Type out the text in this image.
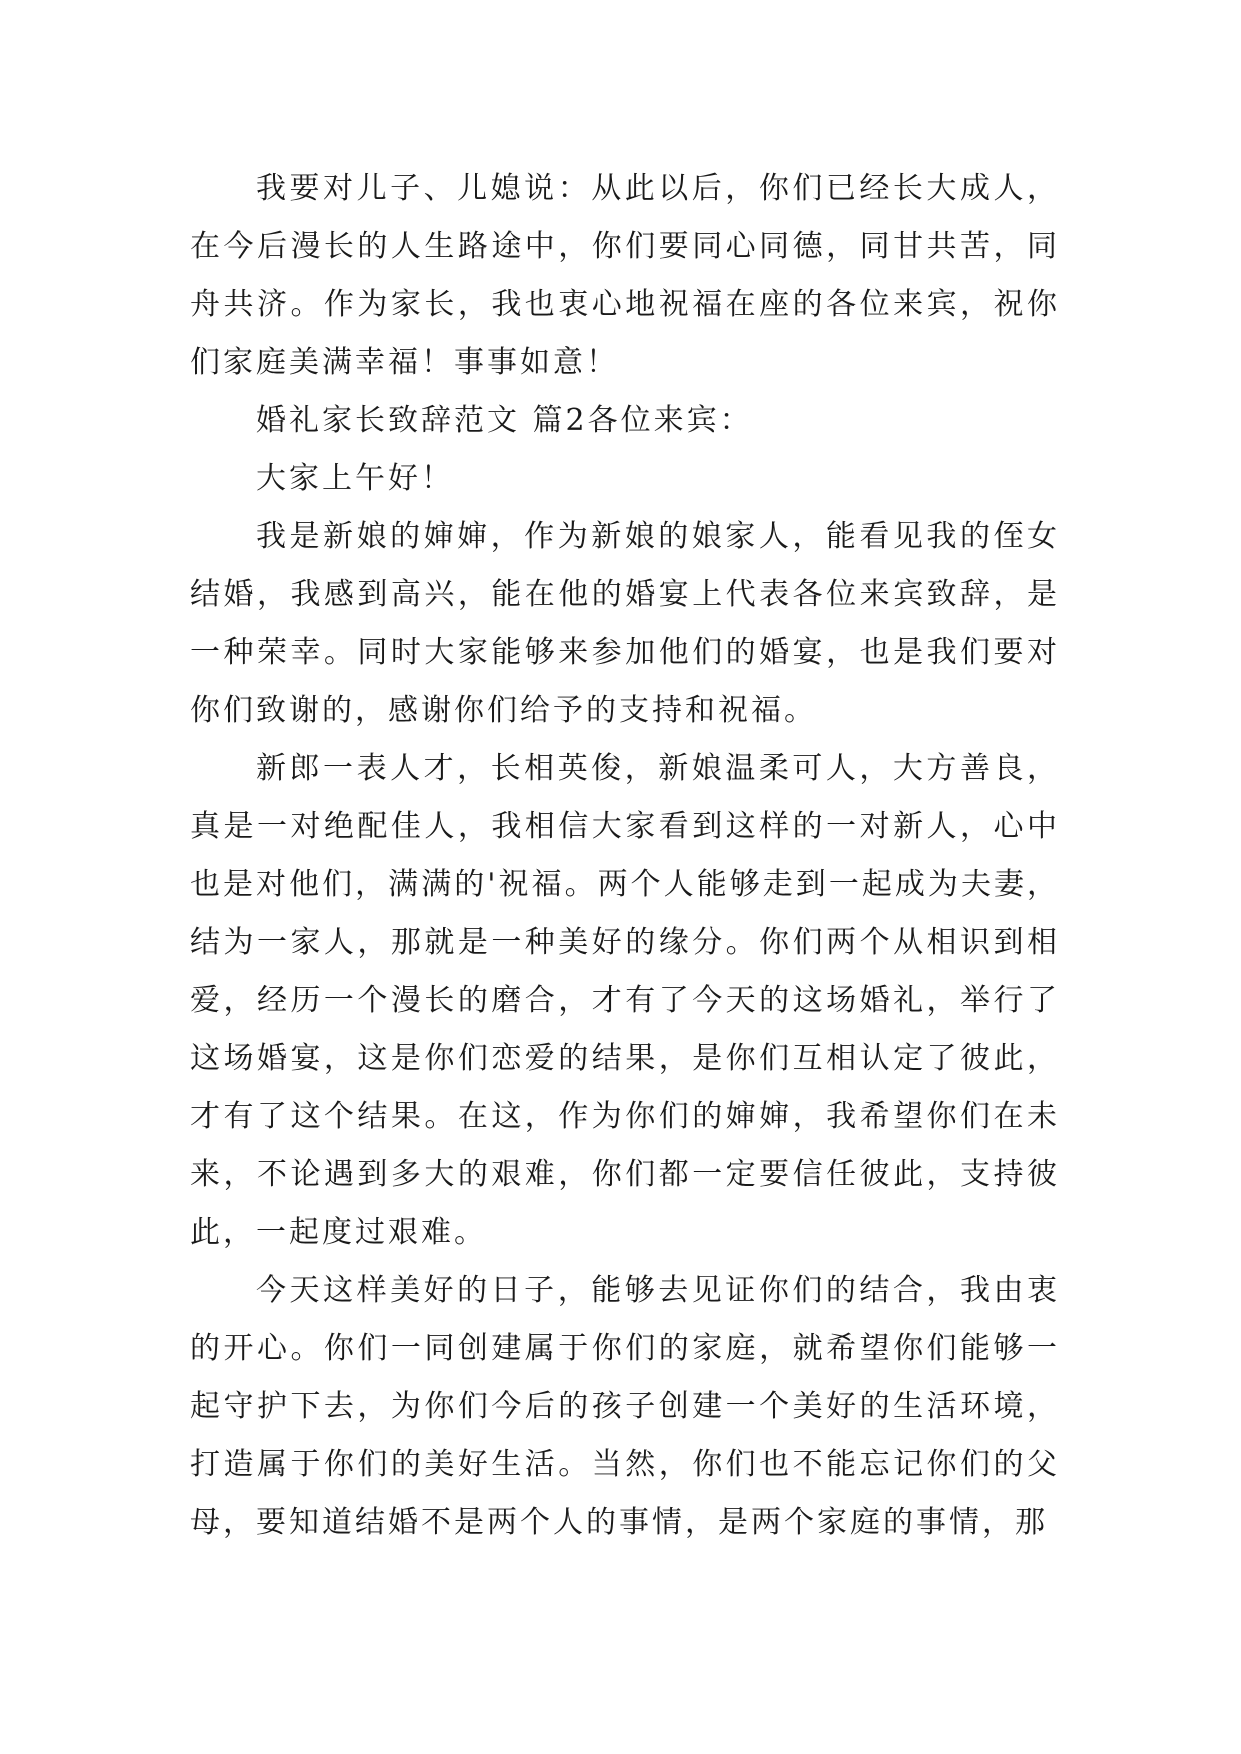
我要对儿子、儿媳说：从此以后，你们已经长大成人，在今后漫长的人生路途中，你们要同心同德，同甘共苦，同舟共济。作为家长，我也衷心地祝福在座的各位来宾，祝你们家庭美满幸福！事事如意！

婚礼家长致辞范文 篇2各位来宾：

大家上午好！

我是新娘的婶婶，作为新娘的娘家人，能看见我的侄女结婚，我感到高兴，能在他的婚宴上代表各位来宾致辞，是一种荣幸。同时大家能够来参加他们的婚宴，也是我们要对你们致谢的，感谢你们给予的支持和祝福。

新郎一表人才，长相英俊，新娘温柔可人，大方善良，真是一对绝配佳人，我相信大家看到这样的一对新人，心中也是对他们，满满的'祝福。两个人能够走到一起成为夫妻，结为一家人，那就是一种美好的缘分。你们两个从相识到相爱，经历一个漫长的磨合，才有了今天的这场婚礼，举行了这场婚宴，这是你们恋爱的结果，是你们互相认定了彼此，才有了这个结果。在这，作为你们的婶婶，我希望你们在未来，不论遇到多大的艰难，你们都一定要信任彼此，支持彼此，一起度过艰难。

今天这样美好的日子，能够去见证你们的结合，我由衷的开心。你们一同创建属于你们的家庭，就希望你们能够一起守护下去，为你们今后的孩子创建一个美好的生活环境，打造属于你们的美好生活。当然，你们也不能忘记你们的父母，要知道结婚不是两个人的事情，是两个家庭的事情，那
